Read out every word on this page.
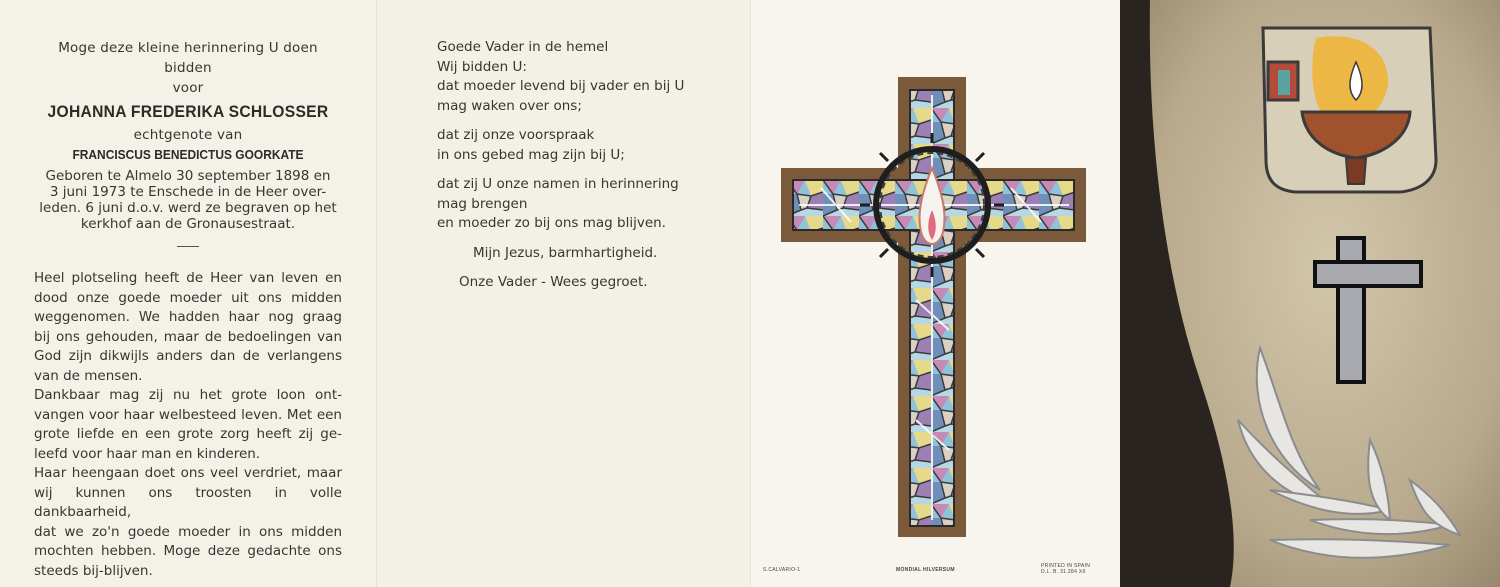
Moge deze kleine herinnering U doen bidden
voor
JOHANNA FREDERIKA SCHLOSSER
echtgenote van
FRANCISCUS BENEDICTUS GOORKATE
Geboren te Almelo 30 september 1898 en
3 juni 1973 te Enschede in de Heer over-
leden. 6 juni d.o.v. werd ze begraven op het
kerkhof aan de Gronausestraat.
Heel plotseling heeft de Heer van leven en
dood onze goede moeder uit ons midden
weggenomen. We hadden haar nog graag
bij ons gehouden, maar de bedoelingen van
God zijn dikwijls anders dan de verlangens
van de mensen.
Dankbaar mag zij nu het grote loon ont-
vangen voor haar welbesteed leven. Met een
grote liefde en een grote zorg heeft zij ge-
leefd voor haar man en kinderen.
Haar heengaan doet ons veel verdriet, maar
wij kunnen ons troosten in volle dankbaarheid,
dat we zo'n goede moeder in ons midden
mochten hebben. Moge deze gedachte ons
steeds bij-blijven.

Goede Vader in de hemel
Wij bidden U:
dat moeder levend bij vader en bij U
mag waken over ons;

dat zij onze voorspraak
in ons gebed mag zijn bij U;

dat zij U onze namen in herinnering
mag brengen
en moeder zo bij ons mag blijven.

Mijn Jezus, barmhartigheid.

Onze Vader - Wees gegroet.

S.CALVARIO-1	MONDIAL HILVERSUM
PRINTED IN SPAIN
D.L. B. 31.284 XII
